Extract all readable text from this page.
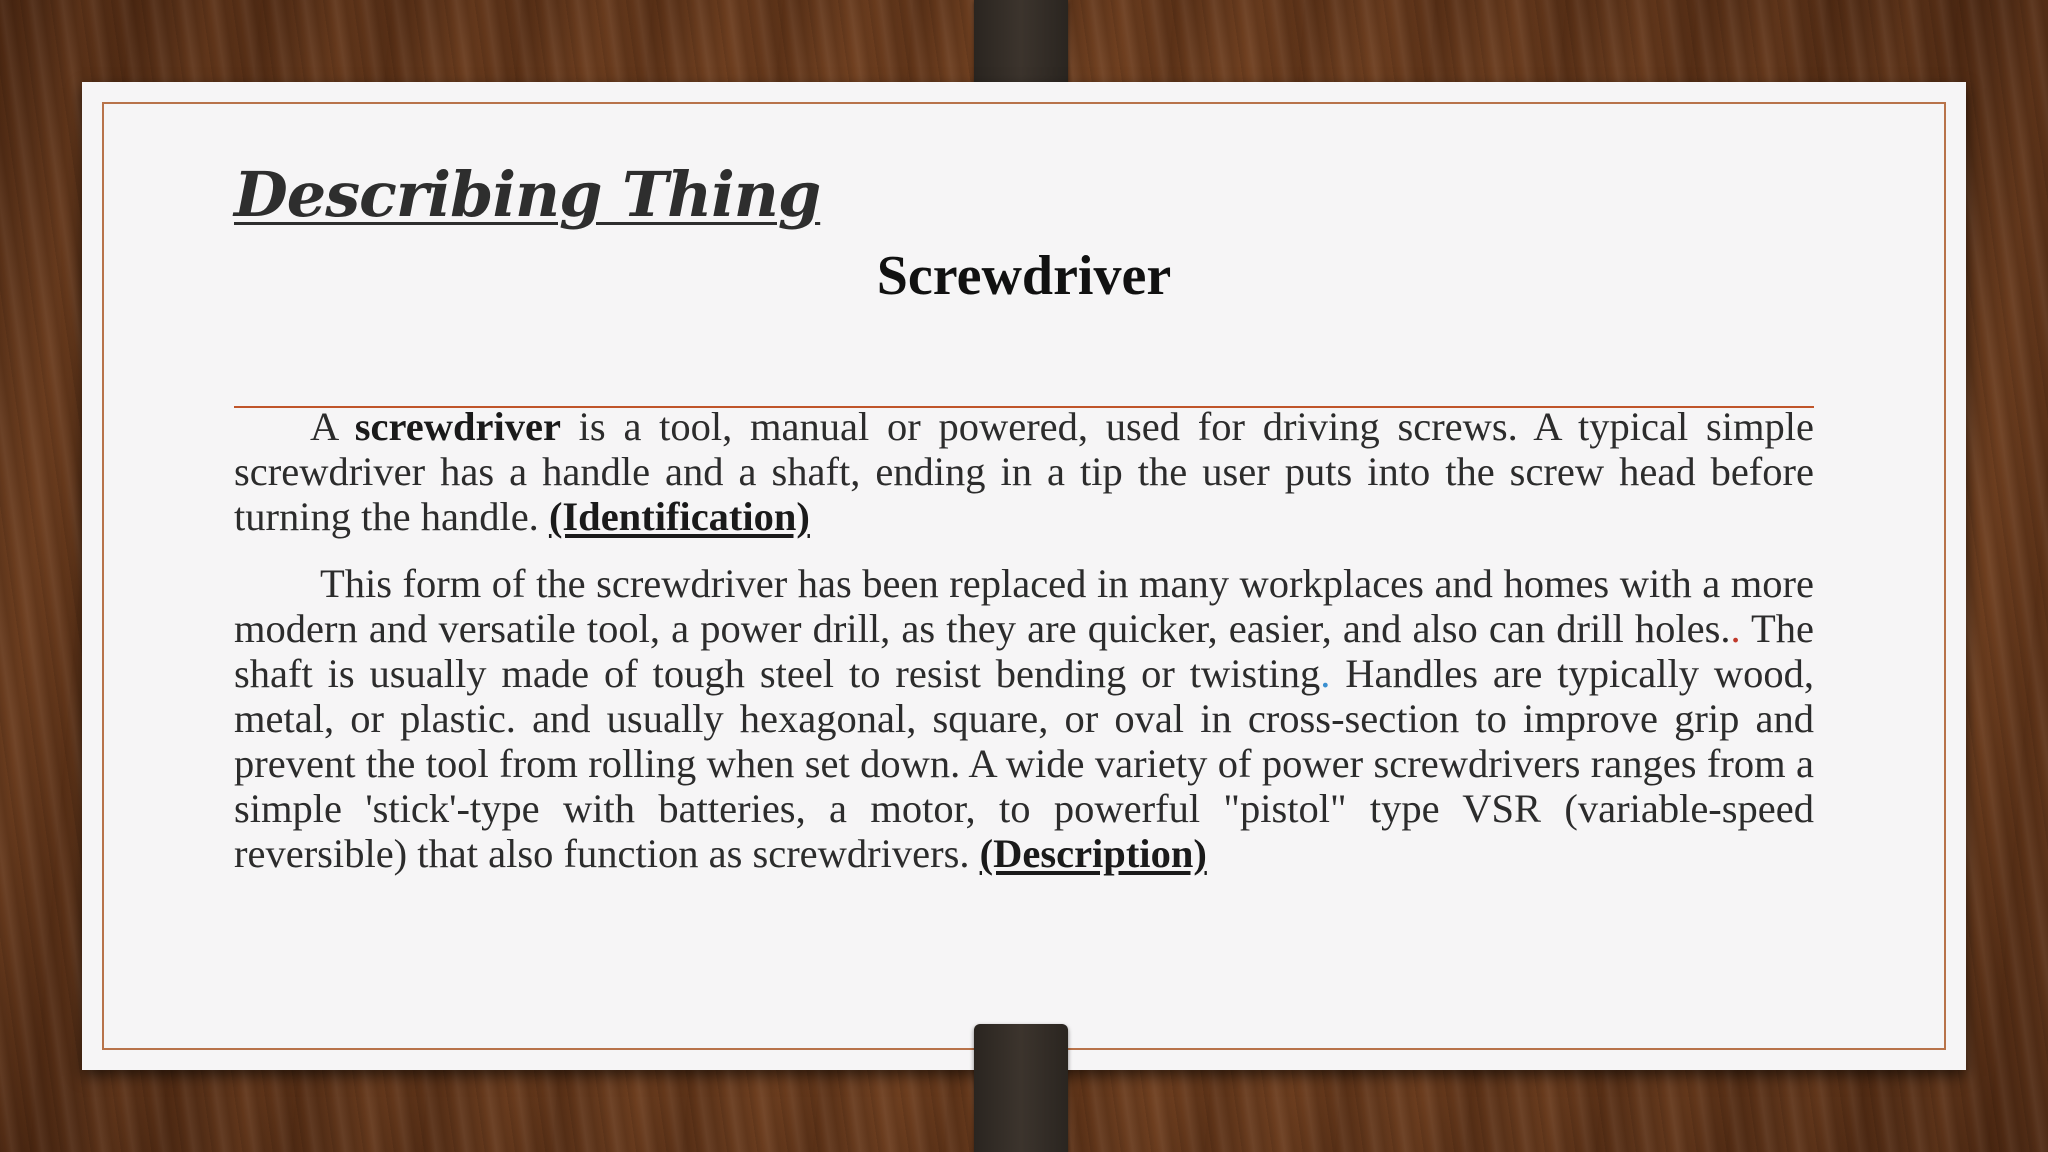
Describing Thing
Screwdriver

A screwdriver is a tool, manual or powered, used for driving screws. A typical simple screwdriver has a handle and a shaft, ending in a tip the user puts into the screw head before turning the handle. (Identification)

This form of the screwdriver has been replaced in many workplaces and homes with a more modern and versatile tool, a power drill, as they are quicker, easier, and also can drill holes.. The shaft is usually made of tough steel to resist bending or twisting. Handles are typically wood, metal, or plastic. and usually hexagonal, square, or oval in cross-section to improve grip and prevent the tool from rolling when set down. A wide variety of power screwdrivers ranges from a simple 'stick'-type with batteries, a motor, to powerful "pistol" type VSR (variable-speed reversible) that also function as screwdrivers. (Description)
